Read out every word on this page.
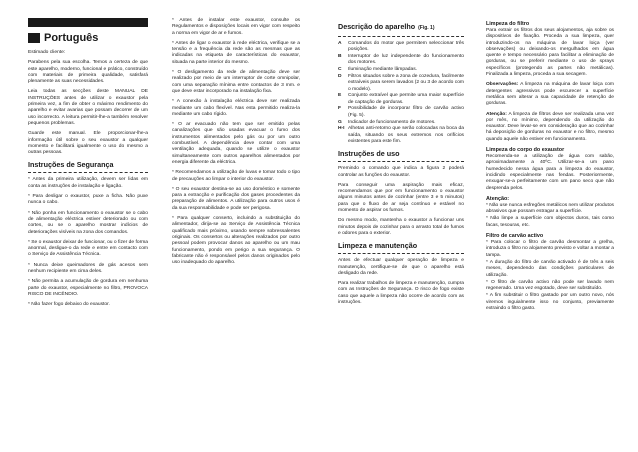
Português

Estimado cliente:

Parabens pela sua escolha. Temos a certeza de que este aparelho, moderno, funcional e prático, construído com materiais de primeira qualidade, satisfará plenamente as suas necessidades.

Leia todas as secções deste MANUAL DE INSTRUÇÕES antes de utilizar o exaustor pela primeira vez, a fim de obter o máximo rendimento do aparelho e evitar avarias que possam decorrer de um uso incorrecto. A leitura permitir-lhe-a também resolver pequenos problemas.

Guarde este manual. Ele proporcionar-lhe-a informação útil sobre o seu exaustor a qualquer momento e facilitará igualmente o uso do mesmo a outras pessoas.

Instruções de Segurança

* Antes da primeira utilização, devem ser lidas em conta as instruções de instalação e ligação.

* Para desligar o exaustor, puxe a ficha. Não puxe nunca o cabo.

* Não ponha em funcionamento o exaustor se o cabo de alimentação eléctrica estiver deteriorado ou com cortes, ou se o aparelho mostrar indícios de deteriorações visíveis na zona dos comandos.

* Se o exaustor deixar de funcionar, ou o fizer de forma anormal, desligue-o da rede e entre em contacto com o Serviço de Assistência Técnica.

* Nunca deixe queimadores de gás acesos sem nenhum recipiente em cima deles.

* Não permita a acumulação de gordura em nenhuma parte do exaustor, especialmente no filtro, PROVOCA RISCO DE INCÊNDIO.

* Não fazer fogo debaixo do exaustor.

* Antes de instalar este exaustor, consulte os Regulamentos e disposições locais em vigor com respeito a norma em vigor de ar e fumos.

* Antes de ligar o exaustor à rede eléctrica, verifique se a tensão e a frequência da rede são as mesmas que as indicadas na etiqueta de características do exaustor, situada na parte interior do mesmo.

* O desligamento da rede de alimentação deve ser realizado por meio de um interruptor de corte omnipolar, com uma separação mínima entre contactos de 3 mm. e que deve estar incorporado na instalação fixa.

* A conexão à instalação eléctrica deve ser realizada mediante um cabo flexível. Nas esta permitido realiza-la mediante um cabo rígido.

* O ar evacuado não tem que ser emitido pelas canalizações que são usadas evacuar o fumo dos instrumentos alimentados pelo gás ou por um outro combustível. A dependência deve contar com uma ventilação adequada, quando se utilize o exaustor simultaneamente com outros aparelhos alimentados por energia diferente da eléctrica.

* Recomendamos a utilização de luvas e tomar todo o tipo de precauções ao limpar o interior do exaustor.

* O seu exaustor destina-se ao uso doméstico e somente para a extracção e purificação dos gases procedentes da preparação de alimentos. A utilização para outros usos é da sua responsabilidade e pode ser perigosa.

* Para qualquer conserto, incluindo a substituição do alimentador, dirija-se ao Serviço de Assistência Técnica qualificado mais próximo, usando sempre sobressalentes originais. Os consertos ou alterações realizados por outro pessoal podem provocar danos ao aparelho ou um mau funcionamento, pondo em perigo a sua segurança. O fabricante não é responsável pelos danos originados pelo uso inadequado do aparelho.

Descrição do aparelho (Fig. 1)
A	Comandos do motor que permitem seleccionar três posições.
B	Interruptor de luz independente do funcionamento dos motores.
C	Iluminação mediante lâmpadas.
D	Filtros situados sobre a zona de cozedura, facilmente extraíveis para serem lavados (2 ou 3 de acordo com o modelo).
E	Conjunto extraível que permite uma maior superfície de captação de gorduras.
F	Possibilidade de incorporar filtro de carvão activo (Fig. 5).
G	Indicador de funcionamento de motores.
H-I Alhetas anti-retorno que serão colocadas na boca da saída, situando os seus extremos nos orifícios existentes para este fim.
Instruções de uso

Premindo o comando que indica a figura 2 poderá controlar as funções do exaustor.

Para conseguir uma aspiração mais eficaz, recomendamos que por em funcionamento o exaustor alguns minutos antes de cozinhar (entre 3 e 5 minutos) para que o fluxo de ar seja contínuo e estável no momento de aspirar os fumos.

Do mesmo modo, mantenha o exaustor a funcionar uns minutos depois de cozinhar para o arrasto total de fumos e odores para o exterior.

Limpeza e manutenção

Antes de efectuar qualquer operação de limpeza e manutenção, certifique-se de que o aparelho está desligado da rede.

Para realizar trabalhos de limpeza e manutenção, cumpra com as Instruções de Segurança. O risco de fogo existe caso que aquele a limpeza não ocorre de acordo com as instruções.

Limpeza do filtro

Para extrair os filtros dos seus alojamentos, aja sobre os dispositivos de fixação. Proceda a sua limpeza, quer introduzindo-os na máquina de lavar loiça (ver observações) ou deixando-os mergulhados em água quente e tempo necessário para facilitar a eliminação de gorduras, ou se preferir mediante o uso de sprays específicos (protegendo as partes não metálicas). Finalizada a limpeza, proceda a sua secagem.

Observações: A limpeza na máquina de lavar loiça com detergentes agressivos pode escurecer a superfície metálica sem alterar a sua capacidade de retenção de gorduras.

Atenção: A limpeza de filtros deve ser realizada uma vez por mês, no mínimo, dependendo da utilização do exaustor. Deve levar-se em consideração que ao cozinhar há deposição de gorduras no exaustor e no filtro, mesmo quando aquele não estiver em funcionamento.

Limpeza do corpo do exaustor

Recomenda-se a utilização de água com sabão, aproximadamente a 40ºC. Utilizar-se-a um pano humedecido nessa água para a limpeza do exaustor, incidindo especialmente nas fendas. Posteriormente, enxugar-se-a perfeitamente com um pano seco que não desprenda pelos.

Atenção:

* Não use nunca esfregões metálicos nem utilizar produtos abrasivos que possam estragar a superfície.

* Não limpe a superfície com objectos duros, tais como facas, tesouras, etc.

Filtro de carvão activo

* Para colocar o filtro de carvão desmontar a grelha, introduza o filtro no alojamento previsto e voltar a montar a tampa.

* A duração do filtro de carvão activado é de três a seis meses, dependendo das condições particulares de utilização.

* O filtro de carvão activo não pode ser lavado nem regenerado. Uma vez esgotado, deve ser substituído.

* A fim substituir o filtro gastado por um outro novo, nós viremos inguialmente isso no conjunto, previamente extraindo o filtro gasto.
